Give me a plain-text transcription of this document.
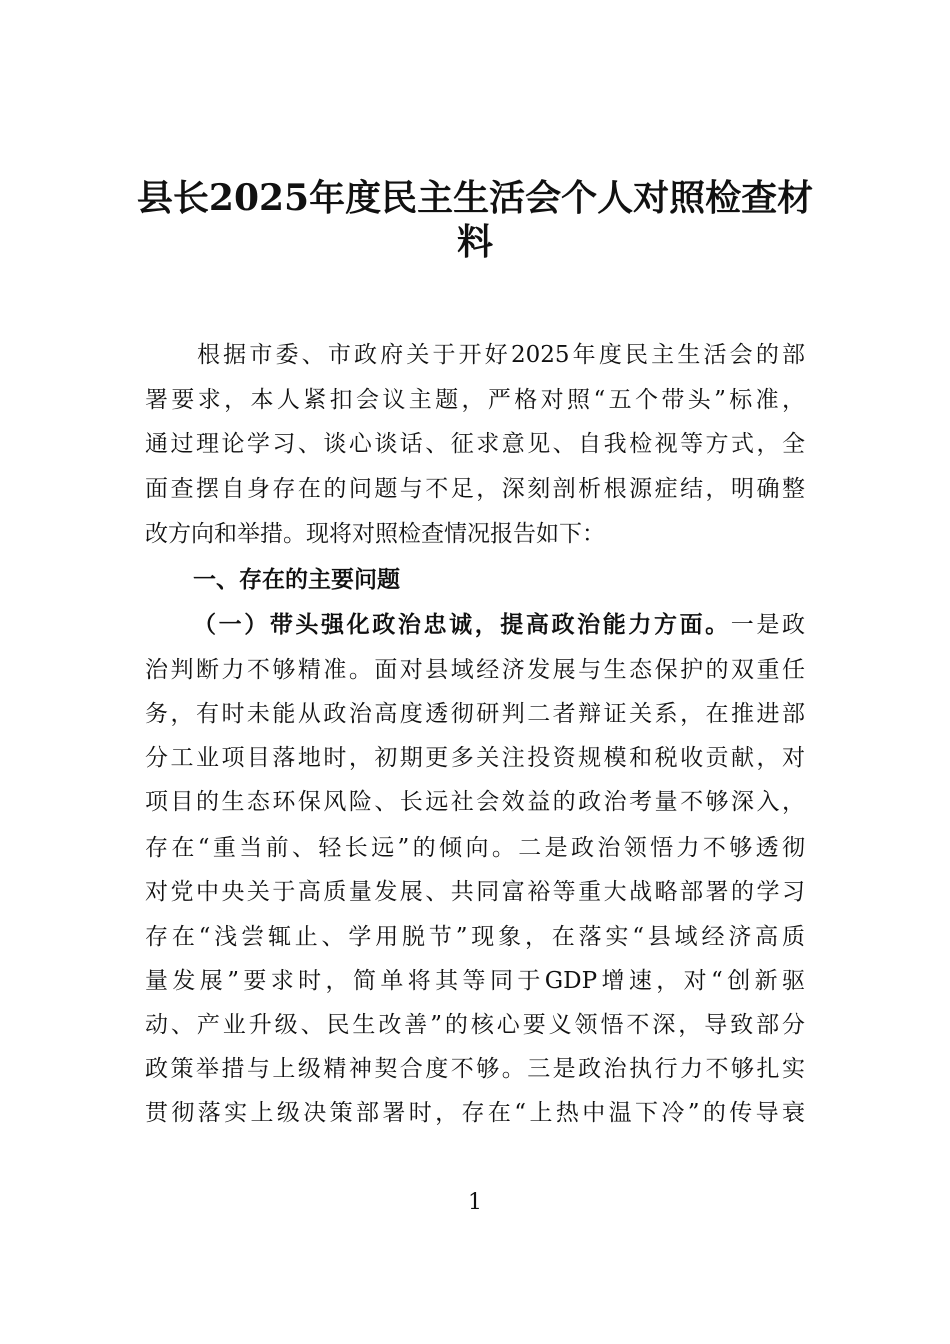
县长2025年度民主生活会个人对照检查材
料
根据市委、市政府关于开好2025年度民主生活会的部
署要求，本人紧扣会议主题，严格对照“五个带头”标准，
通过理论学习、谈心谈话、征求意见、自我检视等方式，全
面查摆自身存在的问题与不足，深刻剖析根源症结，明确整
改方向和举措。现将对照检查情况报告如下：
一、存在的主要问题
（一）带头强化政治忠诚，提高政治能力方面。一是政
治判断力不够精准。面对县域经济发展与生态保护的双重任
务，有时未能从政治高度透彻研判二者辩证关系，在推进部
分工业项目落地时，初期更多关注投资规模和税收贡献，对
项目的生态环保风险、长远社会效益的政治考量不够深入，
存在“重当前、轻长远”的倾向。二是政治领悟力不够透彻
对党中央关于高质量发展、共同富裕等重大战略部署的学习
存在“浅尝辄止、学用脱节”现象，在落实“县域经济高质
量发展”要求时，简单将其等同于GDP增速，对“创新驱
动、产业升级、民生改善”的核心要义领悟不深，导致部分
政策举措与上级精神契合度不够。三是政治执行力不够扎实
贯彻落实上级决策部署时，存在“上热中温下冷”的传导衰
1
